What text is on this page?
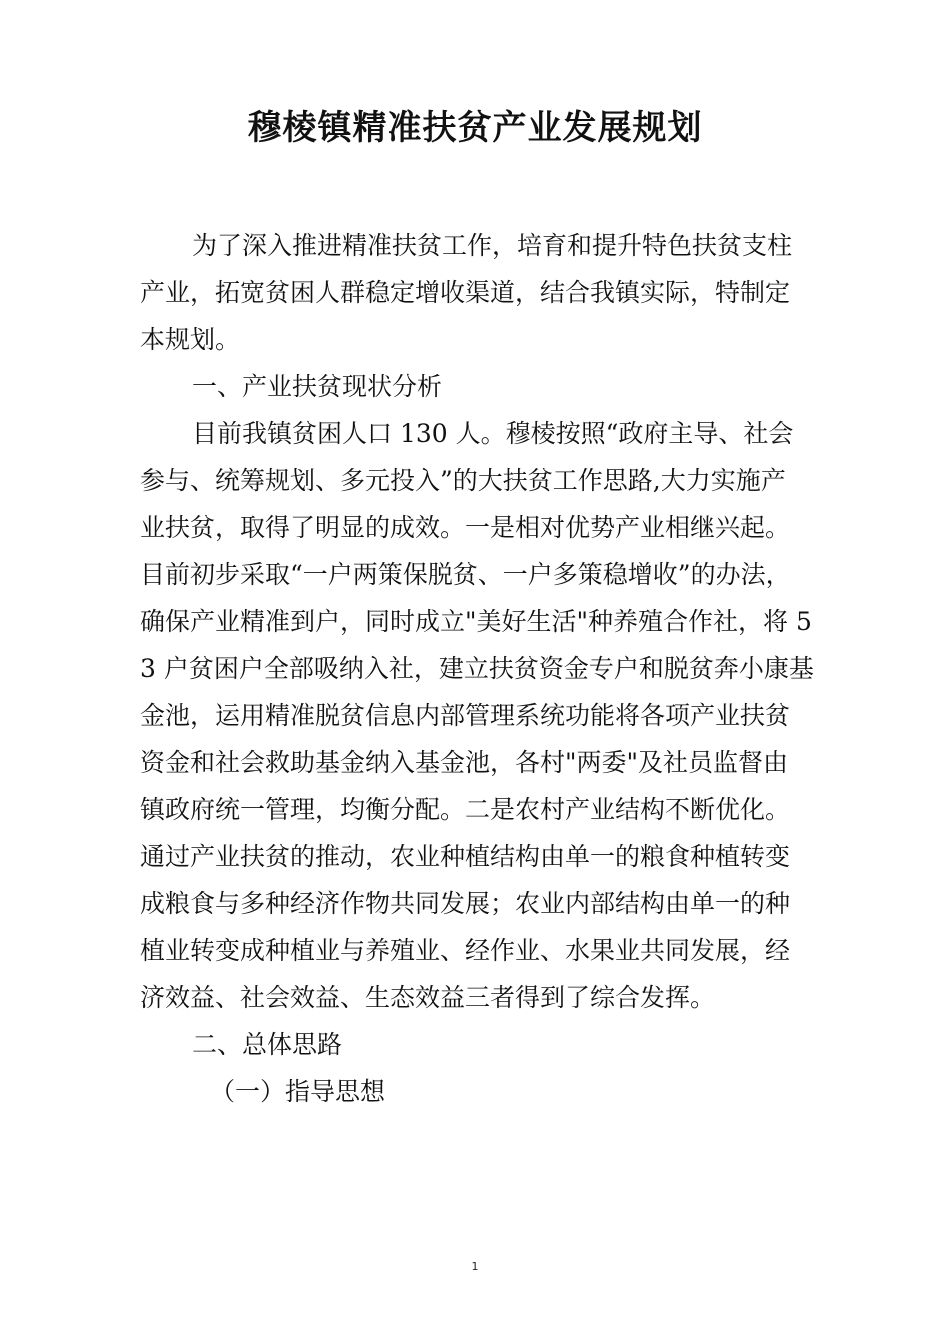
穆棱镇精准扶贫产业发展规划
为了深入推进精准扶贫工作，培育和提升特色扶贫支柱
产业，拓宽贫困人群稳定增收渠道，结合我镇实际，特制定
本规划。
一、产业扶贫现状分析
目前我镇贫困人口 130 人。穆棱按照“政府主导、社会
参与、统筹规划、多元投入”的大扶贫工作思路,大力实施产
业扶贫，取得了明显的成效。一是相对优势产业相继兴起。
目前初步采取“一户两策保脱贫、一户多策稳增收”的办法，
确保产业精准到户，同时成立"美好生活"种养殖合作社，将 5
3 户贫困户全部吸纳入社，建立扶贫资金专户和脱贫奔小康基
金池，运用精准脱贫信息内部管理系统功能将各项产业扶贫
资金和社会救助基金纳入基金池，各村"两委"及社员监督由
镇政府统一管理，均衡分配。二是农村产业结构不断优化。
通过产业扶贫的推动，农业种植结构由单一的粮食种植转变
成粮食与多种经济作物共同发展；农业内部结构由单一的种
植业转变成种植业与养殖业、经作业、水果业共同发展，经
济效益、社会效益、生态效益三者得到了综合发挥。
二、总体思路
（一）指导思想
1
